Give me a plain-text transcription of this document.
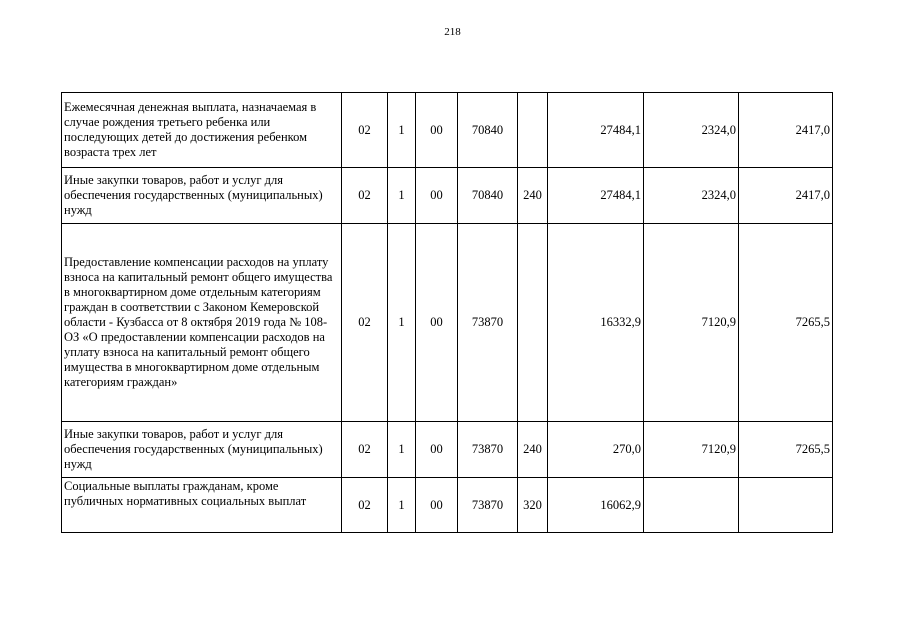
218
Ежемесячная денежная выплата, назначаемая в случае рождения третьего ребенка или последующих детей до достижения ребенком возраста трех лет	02	1	00	70840		27484,1	2324,0	2417,0
Иные закупки товаров, работ и услуг для обеспечения государственных (муниципальных) нужд	02	1	00	70840	240	27484,1	2324,0	2417,0
Предоставление компенсации расходов на уплату взноса на капитальный ремонт общего имущества в многоквартирном доме отдельным категориям граждан в соответствии с Законом Кемеровской области - Кузбасса от 8 октября 2019 года № 108-ОЗ «О предоставлении компенсации расходов на уплату взноса на капитальный ремонт общего имущества в многоквартирном доме отдельным категориям граждан»	02	1	00	73870		16332,9	7120,9	7265,5
Иные закупки товаров, работ и услуг для обеспечения государственных (муниципальных) нужд	02	1	00	73870	240	270,0	7120,9	7265,5
Социальные выплаты гражданам, кроме публичных нормативных социальных выплат	02	1	00	73870	320	16062,9		
